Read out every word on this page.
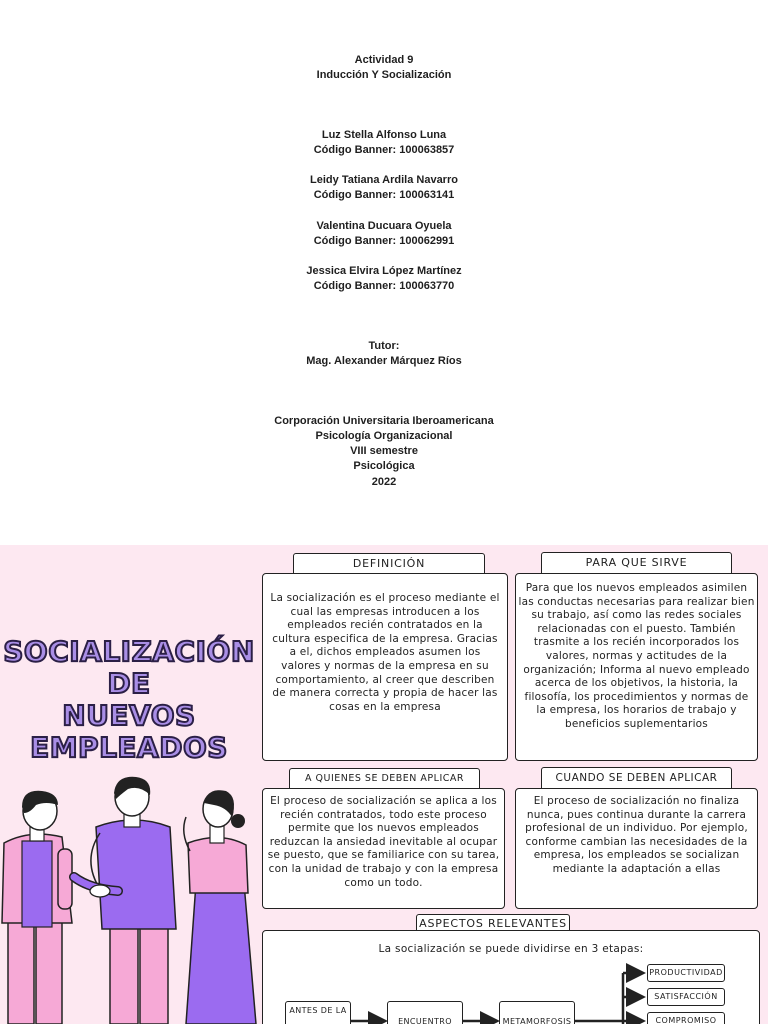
Actividad 9
Inducción Y Socialización
Luz Stella Alfonso Luna
Código Banner: 100063857
Leidy Tatiana Ardila Navarro
Código Banner: 100063141
Valentina Ducuara Oyuela
Código Banner: 100062991
Jessica Elvira López Martínez
Código Banner: 100063770
Tutor:
Mag. Alexander Márquez Ríos
Corporación Universitaria Iberoamericana
Psicología Organizacional
VIII semestre
Psicológica
2022
SOCIALIZACIÓN
DE
NUEVOS
EMPLEADOS
DEFINICIÓN

La socialización es el proceso mediante el cual las empresas introducen a los empleados recién contratados en la cultura especifica de la empresa. Gracias a el, dichos empleados asumen los valores y normas de la empresa en su comportamiento, al creer que describen de manera correcta y propia de hacer las cosas en la empresa

PARA QUE SIRVE

Para que los nuevos empleados asimilen las conductas necesarias para realizar bien su trabajo, así como las redes sociales relacionadas con el puesto. También trasmite a los recién incorporados los valores, normas y actitudes de la organización; Informa al nuevo empleado acerca de los objetivos, la historia, la filosofía, los procedimientos y normas de la empresa, los horarios de trabajo y beneficios suplementarios

A QUIENES SE DEBEN APLICAR

El proceso de socialización se aplica a los recién contratados, todo este proceso permite que los nuevos empleados reduzcan la ansiedad inevitable al ocupar se puesto, que se familiarice con su tarea, con la unidad de trabajo y con la empresa como un todo.

CUANDO SE DEBEN APLICAR

El proceso de socialización no finaliza nunca, pues continua durante la carrera profesional de un individuo. Por ejemplo, conforme cambian las necesidades de la empresa, los empleados se socializan mediante la adaptación a ellas

ASPECTOS RELEVANTES
La socialización se puede dividirse en 3 etapas:
ANTES DE LA
ENCUENTRO	METAMORFOSIS
PRODUCTIVIDAD
SATISFACCIÓN
COMPROMISO
